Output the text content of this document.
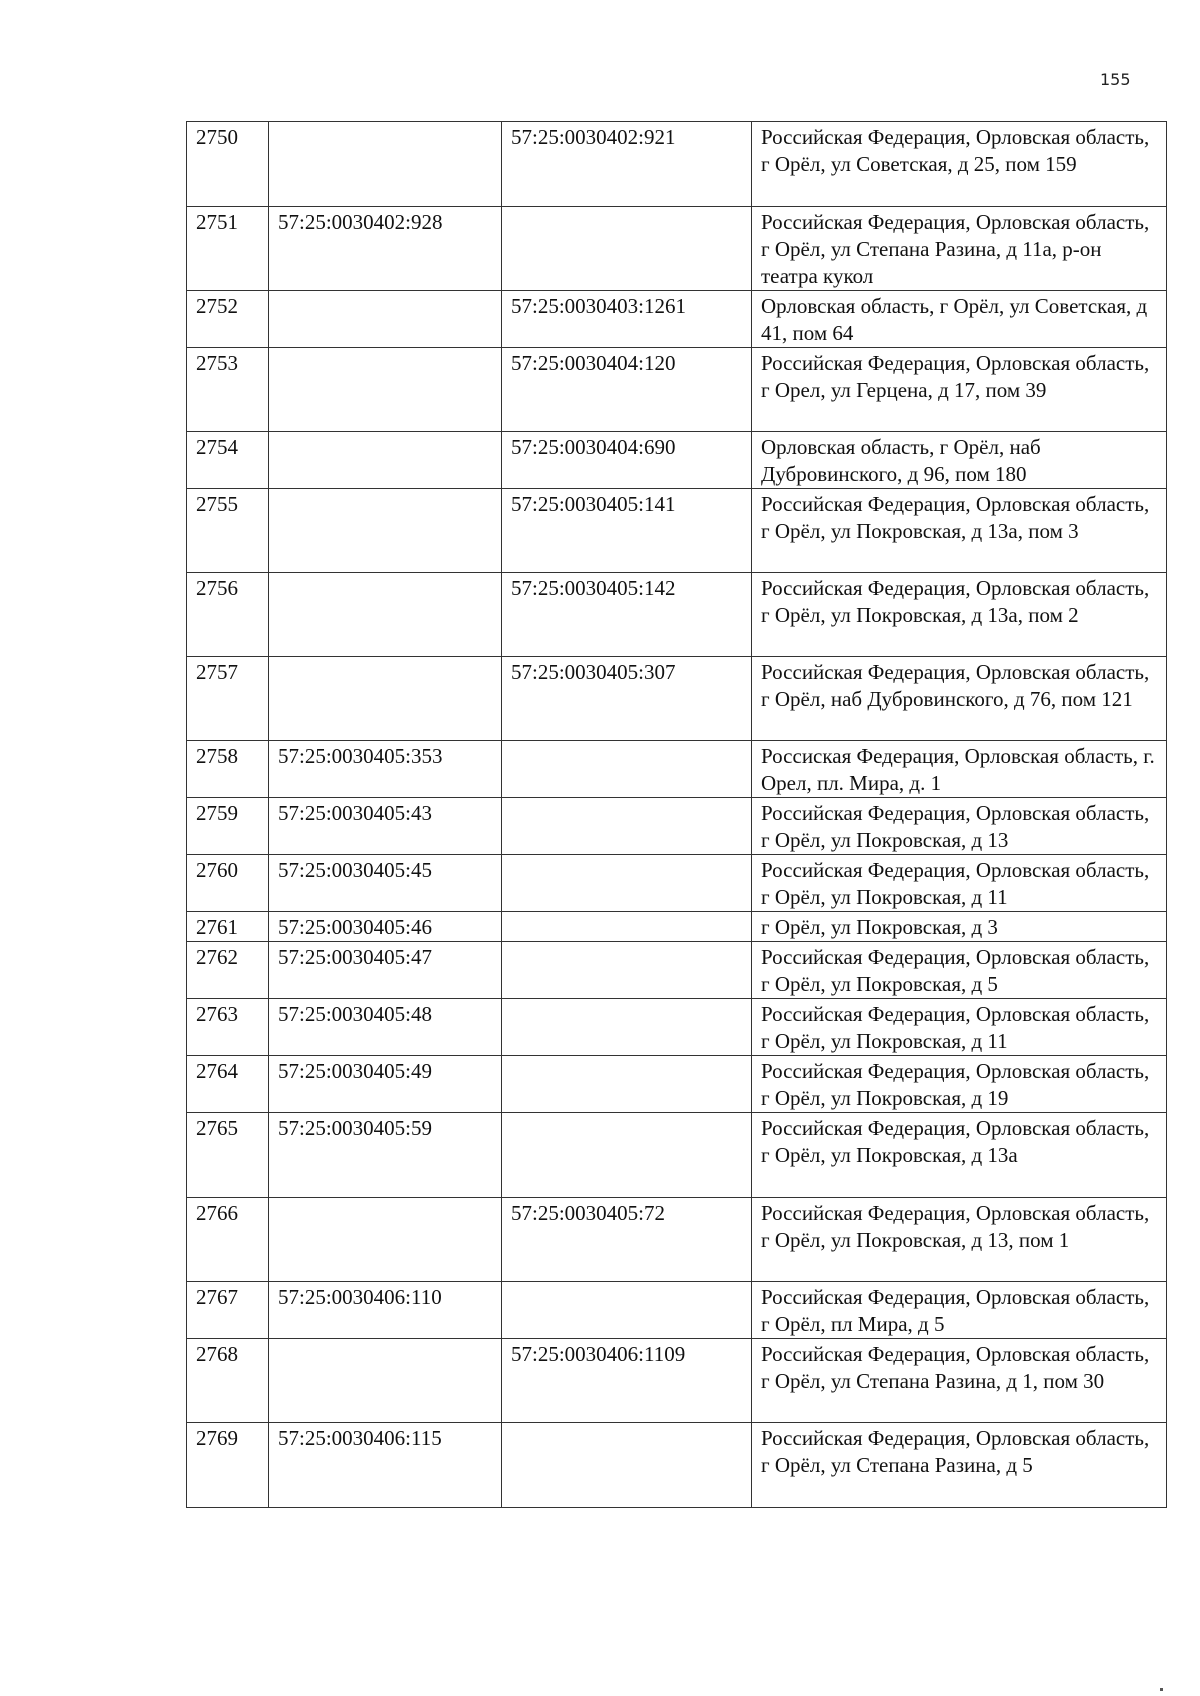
155
2750		57:25:0030402:921	Российская Федерация, Орловская область, г Орёл, ул Советская, д 25, пом 159
2751	57:25:0030402:928		Российская Федерация, Орловская область, г Орёл, ул Степана Разина, д 11а, р-он театра кукол
2752		57:25:0030403:1261	Орловская область, г Орёл, ул Советская, д 41, пом 64
2753		57:25:0030404:120	Российская Федерация, Орловская область, г Орел, ул Герцена, д 17, пом 39
2754		57:25:0030404:690	Орловская область, г Орёл, наб Дубровинского, д 96, пом 180
2755		57:25:0030405:141	Российская Федерация, Орловская область, г Орёл, ул Покровская, д 13а, пом 3
2756		57:25:0030405:142	Российская Федерация, Орловская область, г Орёл, ул Покровская, д 13а, пом 2
2757		57:25:0030405:307	Российская Федерация, Орловская область, г Орёл, наб Дубровинского, д 76, пом 121
2758	57:25:0030405:353		Россиская Федерация, Орловская область, г. Орел, пл. Мира, д. 1
2759	57:25:0030405:43		Российская Федерация, Орловская область, г Орёл, ул Покровская, д 13
2760	57:25:0030405:45		Российская Федерация, Орловская область, г Орёл, ул Покровская, д 11
2761	57:25:0030405:46		г Орёл, ул Покровская, д 3
2762	57:25:0030405:47		Российская Федерация, Орловская область, г Орёл, ул Покровская, д 5
2763	57:25:0030405:48		Российская Федерация, Орловская область, г Орёл, ул Покровская, д 11
2764	57:25:0030405:49		Российская Федерация, Орловская область, г Орёл, ул Покровская, д 19
2765	57:25:0030405:59		Российская Федерация, Орловская область, г Орёл, ул Покровская, д 13а
2766		57:25:0030405:72	Российская Федерация, Орловская область, г Орёл, ул Покровская, д 13, пом 1
2767	57:25:0030406:110		Российская Федерация, Орловская область, г Орёл, пл Мира, д 5
2768		57:25:0030406:1109	Российская Федерация, Орловская область, г Орёл, ул Степана Разина, д 1, пом 30
2769	57:25:0030406:115		Российская Федерация, Орловская область, г Орёл, ул Степана Разина, д 5
